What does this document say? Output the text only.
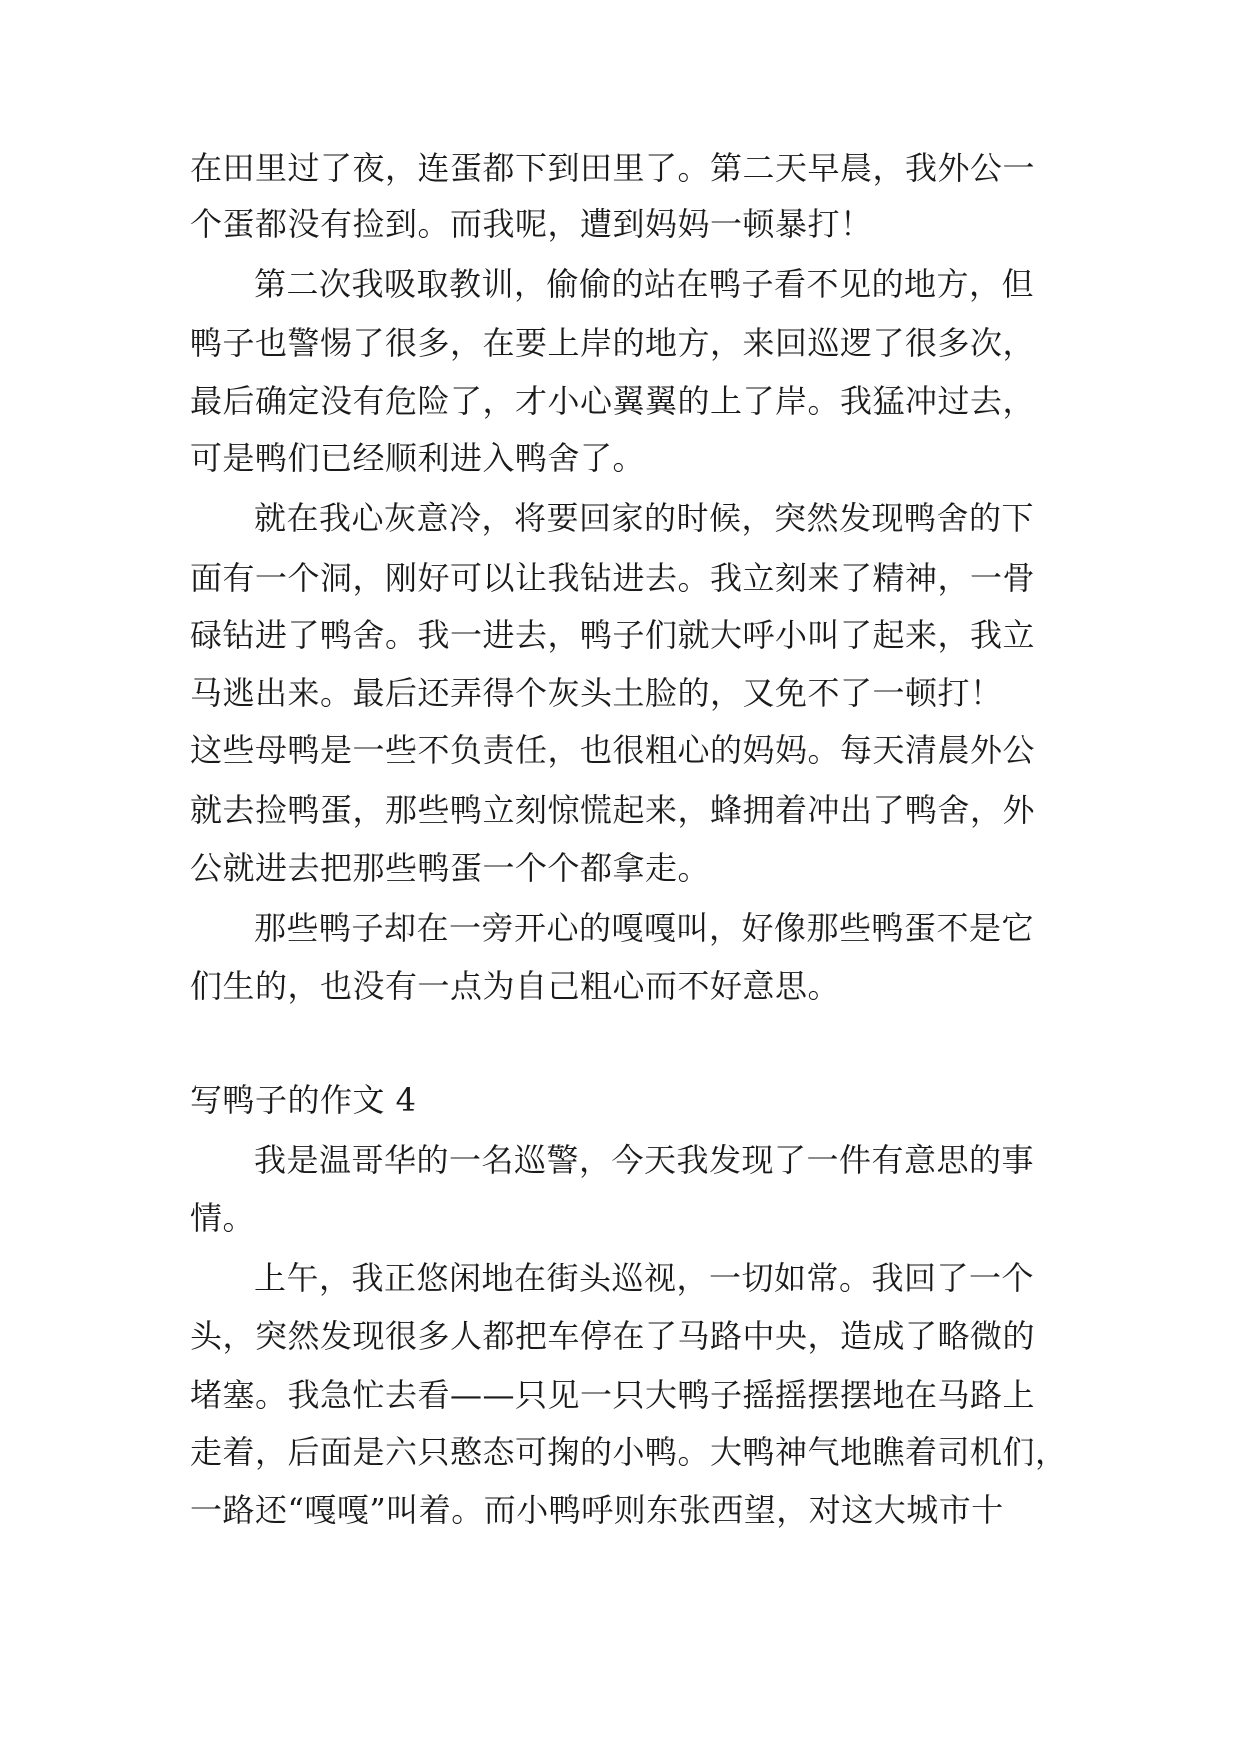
在田里过了夜，连蛋都下到田里了。第二天早晨，我外公一
个蛋都没有捡到。而我呢，遭到妈妈一顿暴打！
第二次我吸取教训，偷偷的站在鸭子看不见的地方，但
鸭子也警惕了很多，在要上岸的地方，来回巡逻了很多次，
最后确定没有危险了，才小心翼翼的上了岸。我猛冲过去，
可是鸭们已经顺利进入鸭舍了。
就在我心灰意冷，将要回家的时候，突然发现鸭舍的下
面有一个洞，刚好可以让我钻进去。我立刻来了精神，一骨
碌钻进了鸭舍。我一进去，鸭子们就大呼小叫了起来，我立
马逃出来。最后还弄得个灰头土脸的，又免不了一顿打！
这些母鸭是一些不负责任，也很粗心的妈妈。每天清晨外公
就去捡鸭蛋，那些鸭立刻惊慌起来，蜂拥着冲出了鸭舍，外
公就进去把那些鸭蛋一个个都拿走。
那些鸭子却在一旁开心的嘎嘎叫，好像那些鸭蛋不是它
们生的，也没有一点为自己粗心而不好意思。
写鸭子的作文 4
我是温哥华的一名巡警，今天我发现了一件有意思的事
情。
上午，我正悠闲地在街头巡视，一切如常。我回了一个
头，突然发现很多人都把车停在了马路中央，造成了略微的
堵塞。我急忙去看——只见一只大鸭子摇摇摆摆地在马路上
走着，后面是六只憨态可掬的小鸭。大鸭神气地瞧着司机们，
一路还“嘎嘎”叫着。而小鸭呼则东张西望，对这大城市十
